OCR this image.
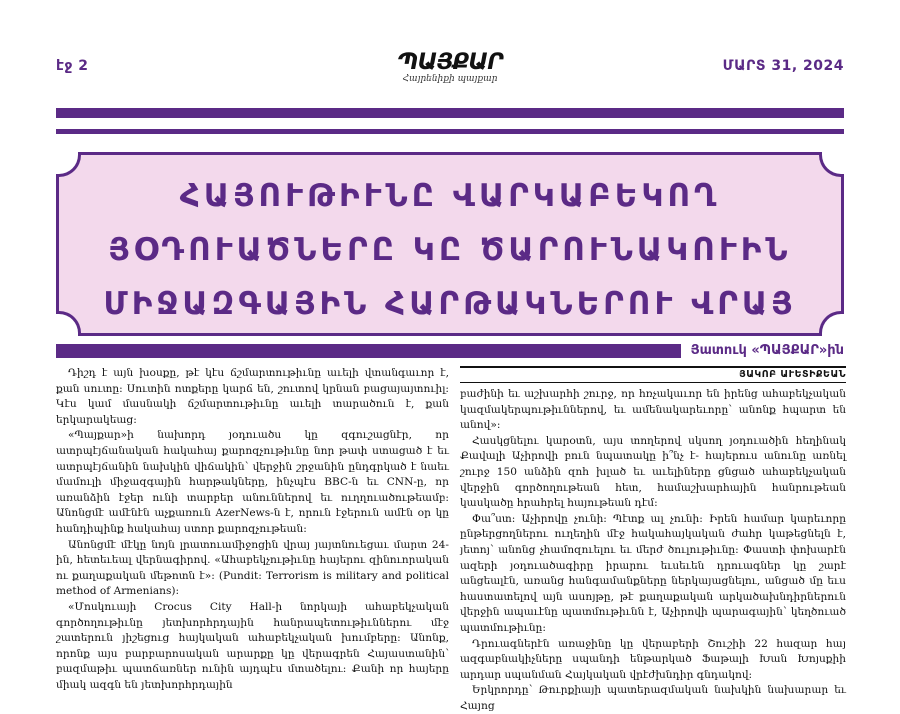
էջ 2	ՊԱՅՔԱՐ
Հայրենիքի պայքար
ՄԱՐՏ 31, 2024
ՀԱՅՈՒԹԻՒՆԸ ՎԱՐԿԱԲԵԿՈՂ
ՅՕԴՈՒԱԾՆԵՐԸ ԿԸ ԾԱՐՈՒՆԱԿՈՒԻՆ
ՄԻՋԱԶԳԱՅԻՆ ՀԱՐԹԱԿՆԵՐՈՒ ՎՐԱՅ
Յատուկ «ՊԱՅՔԱՐ»ին

Դիշդ է այն խօսքը, թէ կէս ճշմարտութիւնը աւելի վտանգաւոր է, քան սուտը: Սուտին ոտքերը կարճ են, շուտով կրնան բացայայտուիլ: Կէս կամ մասնակի ճշմարտութիւնը աւելի տարածուն է, քան երկարակեաց:

«Պայքար»ի նախորդ յօդուածս կը զգուշացնէր, որ ատրպէյճանական հակահայ քարոզչութիւնը նոր թափ ստացած է եւ ատրպէյճանին նախկին վիճակին՝ վերջին շրջանին ընդգրկած է նաեւ մամուլի միջազգային հարթակները, ինչպէս BBC-ն եւ CNN-ը, որ առանձին էջեր ունի տարբեր անուններով եւ ուղղուածութեամբ: Անոնցմէ ամէնէն աչքառուն AzerNews-ն է, որուն էջերուն ամէն օր կը հանդիպինք հակահայ ստոր քարոզչութեան:

Անոնցմէ մէկը նոյն լրատուամիջոցին վրայ յայտնուեցաւ մարտ 24-ին, հետեւեալ վերնագիրով. «Ահաբեկչութիւնը հայերու զինուորական ու քաղաքական մեթոտն է»: (Pundit: Terrorism is military and political method of Armenians):

«Մոսկուայի Crocus City Hall-ի նորկայի ահաբեկչական գործողութիւնը յետխորհրդային հանրապետութիւններու մէջ շատերուն յիշեցուց հայկական ահաբեկչական խումբերը: Անոնք, որոնք այս բարբարոսական արարքը կը վերագրեն Հայաստանին՝ բազմաթիւ պատճառներ ունին այդպէս մտածելու: Քանի որ հայերը միակ ազգն են յետխորհրդային

ՅԱԿՈԲ ԱՒԵՏԻՔԵԱՆ

բաժինի եւ աշխարհի շուրջ, որ հռչակաւոր են իրենց ահաբեկչական կազմակերպութիւններով, եւ ամենակարեւորը՝ անոնք հպարտ են անով»:

Հասկցնելու կարօտն, այս տողերով սկսող յօդուածին հեղինակ Քավալի Աչիրովի բուն նպատակը ի՞նչ է- հայերուս անունը առնել շուրջ 150 անձին զոհ խլած եւ աւելիները ցնցած ահաբեկչական վերջին գործողութեան հետ, համաշխարհային հանրութեան կասկածը հրահրել հայութեան դէմ:

Փա՞ստ: Աչիրովը չունի: Պէտք ալ չունի: Իրեն համար կարեւորը ընթերցողներու ուղեղին մէջ հակահայկական ժահր կաթեցնելն է, յետոյ՝ անոնց չհամոզուելու եւ մերժ ծուլութիւնը: Փաստի փոխարէն ազերի յօդուածագիրը իրարու եւսեւեն դրուագներ կը շարէ անցեալէն, առանց հանգամանքները ներկայացնելու, անցած մը եւս հաստատելով այն ասոյթը, թէ քաղաքական արկածախնդիրներուն վերջին ապաւէնը պատմութիւնն է, Աչիրովի պարագային՝ կեղծուած պատմութիւնը:

Դրուագներէն առաջինը կը վերաբերի Շուշիի 22 հազար հայ ազգաբնակիչները սպանդի ենթարկած Ֆաթալի Խան Խոյսքիի արդար սպանման Հայկական վրէժխնդիր գնդակով:

Երկրորդը՝ Թուրքիայի պատերազմական նախկին նախարար եւ Հայոց
